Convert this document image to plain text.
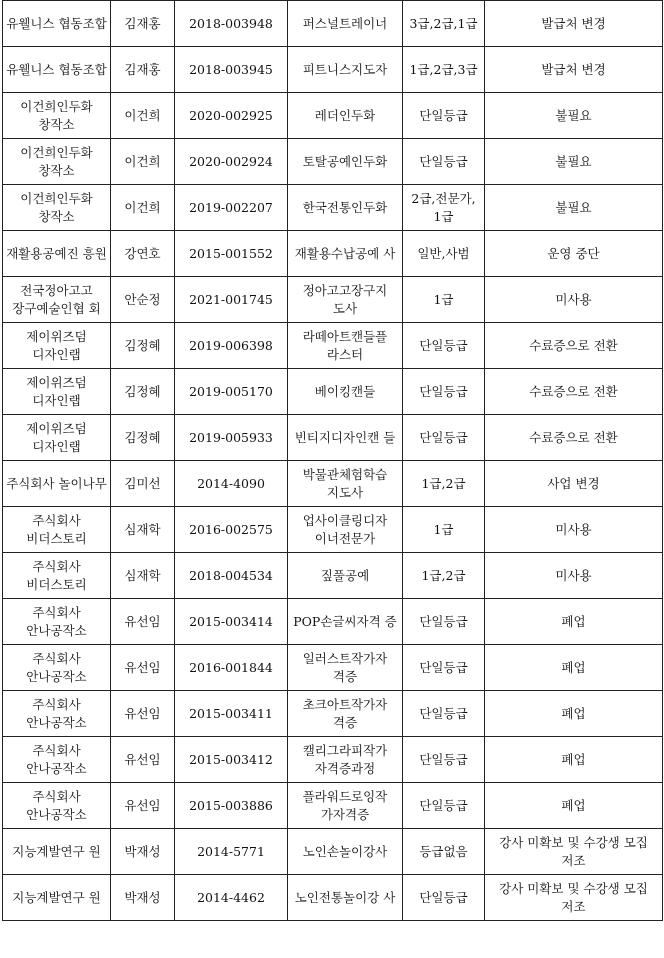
유웰니스 협동조합	김재홍	2018-003948	퍼스널트레이너	3급,2급,1급	발급처 변경
유웰니스 협동조합	김재홍	2018-003945	피트니스지도자	1급,2급,3급	발급처 변경
이건희인두화 창작소	이건희	2020-002925	레더인두화	단일등급	불필요
이건희인두화 창작소	이건희	2020-002924	토탈공예인두화	단일등급	불필요
이건희인두화 창작소	이건희	2019-002207	한국전통인두화	2급,전문가, 1급	불필요
재활용공예진 흥원	강연호	2015-001552	재활용수납공예 사	일반,사범	운영 중단
전국정아고고 장구예술인협 회	안순정	2021-001745	정아고고장구지 도사	1급	미사용
제이위즈덤 디자인랩	김정혜	2019-006398	라떼아트캔들플 라스터	단일등급	수료증으로 전환
제이위즈덤 디자인랩	김정혜	2019-005170	베이킹캔들	단일등급	수료증으로 전환
제이위즈덤 디자인랩	김정혜	2019-005933	빈티지디자인캔 들	단일등급	수료증으로 전환
주식회사 놀이나무	김미선	2014-4090	박물관체험학습 지도사	1급,2급	사업 변경
주식회사 비더스토리	심재학	2016-002575	업사이클링디자 이너전문가	1급	미사용
주식회사 비더스토리	심재학	2018-004534	짚풀공예	1급,2급	미사용
주식회사 안나공작소	유선임	2015-003414	POP손글씨자격 증	단일등급	폐업
주식회사 안나공작소	유선임	2016-001844	일러스트작가자 격증	단일등급	폐업
주식회사 안나공작소	유선임	2015-003411	초크아트작가자 격증	단일등급	폐업
주식회사 안나공작소	유선임	2015-003412	캘리그라피작가 자격증과정	단일등급	폐업
주식회사 안나공작소	유선임	2015-003886	플라워드로잉작 가자격증	단일등급	폐업
지능계발연구 원	박재성	2014-5771	노인손놀이강사	등급없음	강사 미확보 및 수강생 모집 저조
지능계발연구 원	박재성	2014-4462	노인전통놀이강 사	단일등급	강사 미확보 및 수강생 모집 저조
